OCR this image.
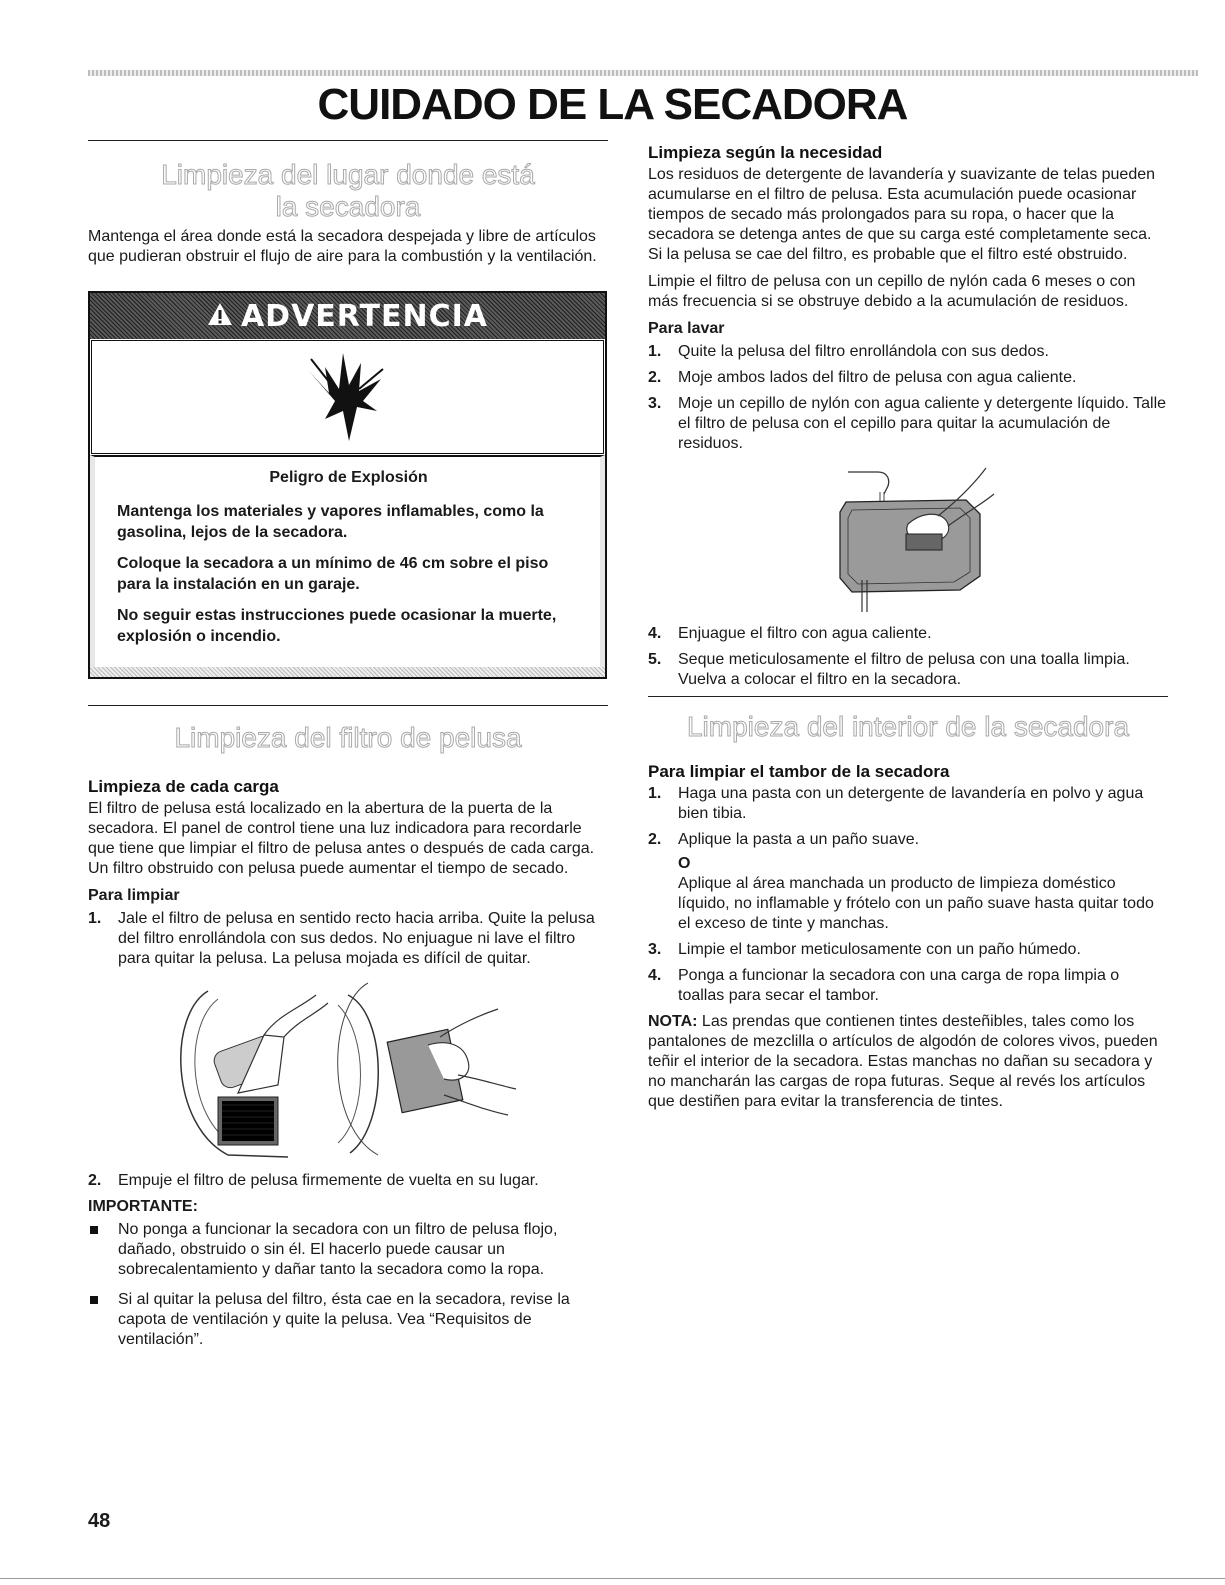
CUIDADO DE LA SECADORA
Limpieza del lugar donde está
la secadora

Mantenga el área donde está la secadora despejada y libre de artículos que pudieran obstruir el flujo de aire para la combustión y la ventilación.

ADVERTENCIA
Peligro de Explosión
Mantenga los materiales y vapores inflamables, como la gasolina, lejos de la secadora.
Coloque la secadora a un mínimo de 46 cm sobre el piso para la instalación en un garaje.
No seguir estas instrucciones puede ocasionar la muerte, explosión o incendio.
Limpieza del filtro de pelusa
Limpieza de cada carga

El filtro de pelusa está localizado en la abertura de la puerta de la secadora. El panel de control tiene una luz indicadora para recordarle que tiene que limpiar el filtro de pelusa antes o después de cada carga. Un filtro obstruido con pelusa puede aumentar el tiempo de secado.

Para limpiar
1. Jale el filtro de pelusa en sentido recto hacia arriba. Quite la pelusa del filtro enrollándola con sus dedos. No enjuague ni lave el filtro para quitar la pelusa. La pelusa mojada es difícil de quitar.
2. Empuje el filtro de pelusa firmemente de vuelta en su lugar.
IMPORTANTE:
No ponga a funcionar la secadora con un filtro de pelusa flojo, dañado, obstruido o sin él. El hacerlo puede causar un sobrecalentamiento y dañar tanto la secadora como la ropa.
Si al quitar la pelusa del filtro, ésta cae en la secadora, revise la capota de ventilación y quite la pelusa. Vea “Requisitos de ventilación”.
Limpieza según la necesidad

Los residuos de detergente de lavandería y suavizante de telas pueden acumularse en el filtro de pelusa. Esta acumulación puede ocasionar tiempos de secado más prolongados para su ropa, o hacer que la secadora se detenga antes de que su carga esté completamente seca. Si la pelusa se cae del filtro, es probable que el filtro esté obstruido.

Limpie el filtro de pelusa con un cepillo de nylón cada 6 meses o con más frecuencia si se obstruye debido a la acumulación de residuos.

Para lavar
1. Quite la pelusa del filtro enrollándola con sus dedos.
2. Moje ambos lados del filtro de pelusa con agua caliente.
3. Moje un cepillo de nylón con agua caliente y detergente líquido. Talle el filtro de pelusa con el cepillo para quitar la acumulación de residuos.
4. Enjuague el filtro con agua caliente.
5. Seque meticulosamente el filtro de pelusa con una toalla limpia. Vuelva a colocar el filtro en la secadora.
Limpieza del interior de la secadora
Para limpiar el tambor de la secadora
1. Haga una pasta con un detergente de lavandería en polvo y agua bien tibia.
2. Aplique la pasta a un paño suave.
O
Aplique al área manchada un producto de limpieza doméstico líquido, no inflamable y frótelo con un paño suave hasta quitar todo el exceso de tinte y manchas.
3. Limpie el tambor meticulosamente con un paño húmedo.
4. Ponga a funcionar la secadora con una carga de ropa limpia o toallas para secar el tambor.

NOTA: Las prendas que contienen tintes desteñibles, tales como los pantalones de mezclilla o artículos de algodón de colores vivos, pueden teñir el interior de la secadora. Estas manchas no dañan su secadora y no mancharán las cargas de ropa futuras. Seque al revés los artículos que destiñen para evitar la transferencia de tintes.

48
